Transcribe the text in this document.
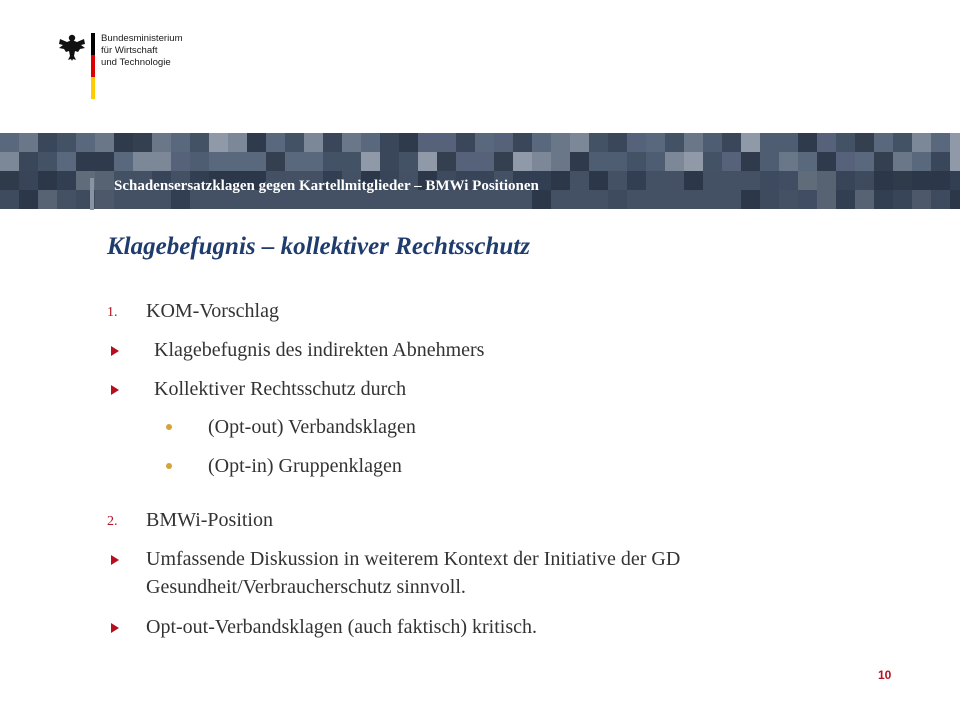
Bundesministerium
für Wirtschaft
und Technologie
Schadensersatzklagen gegen Kartellmitglieder – BMWi Positionen
Klagebefugnis – kollektiver Rechtsschutz
1. KOM-Vorschlag
Klagebefugnis des indirekten Abnehmers
Kollektiver Rechtsschutz durch
(Opt-out) Verbandsklagen
(Opt-in) Gruppenklagen
2. BMWi-Position
Umfassende Diskussion in weiterem Kontext der Initiative der GD
Gesundheit/Verbraucherschutz sinnvoll.
Opt-out-Verbandsklagen (auch faktisch) kritisch.
10
